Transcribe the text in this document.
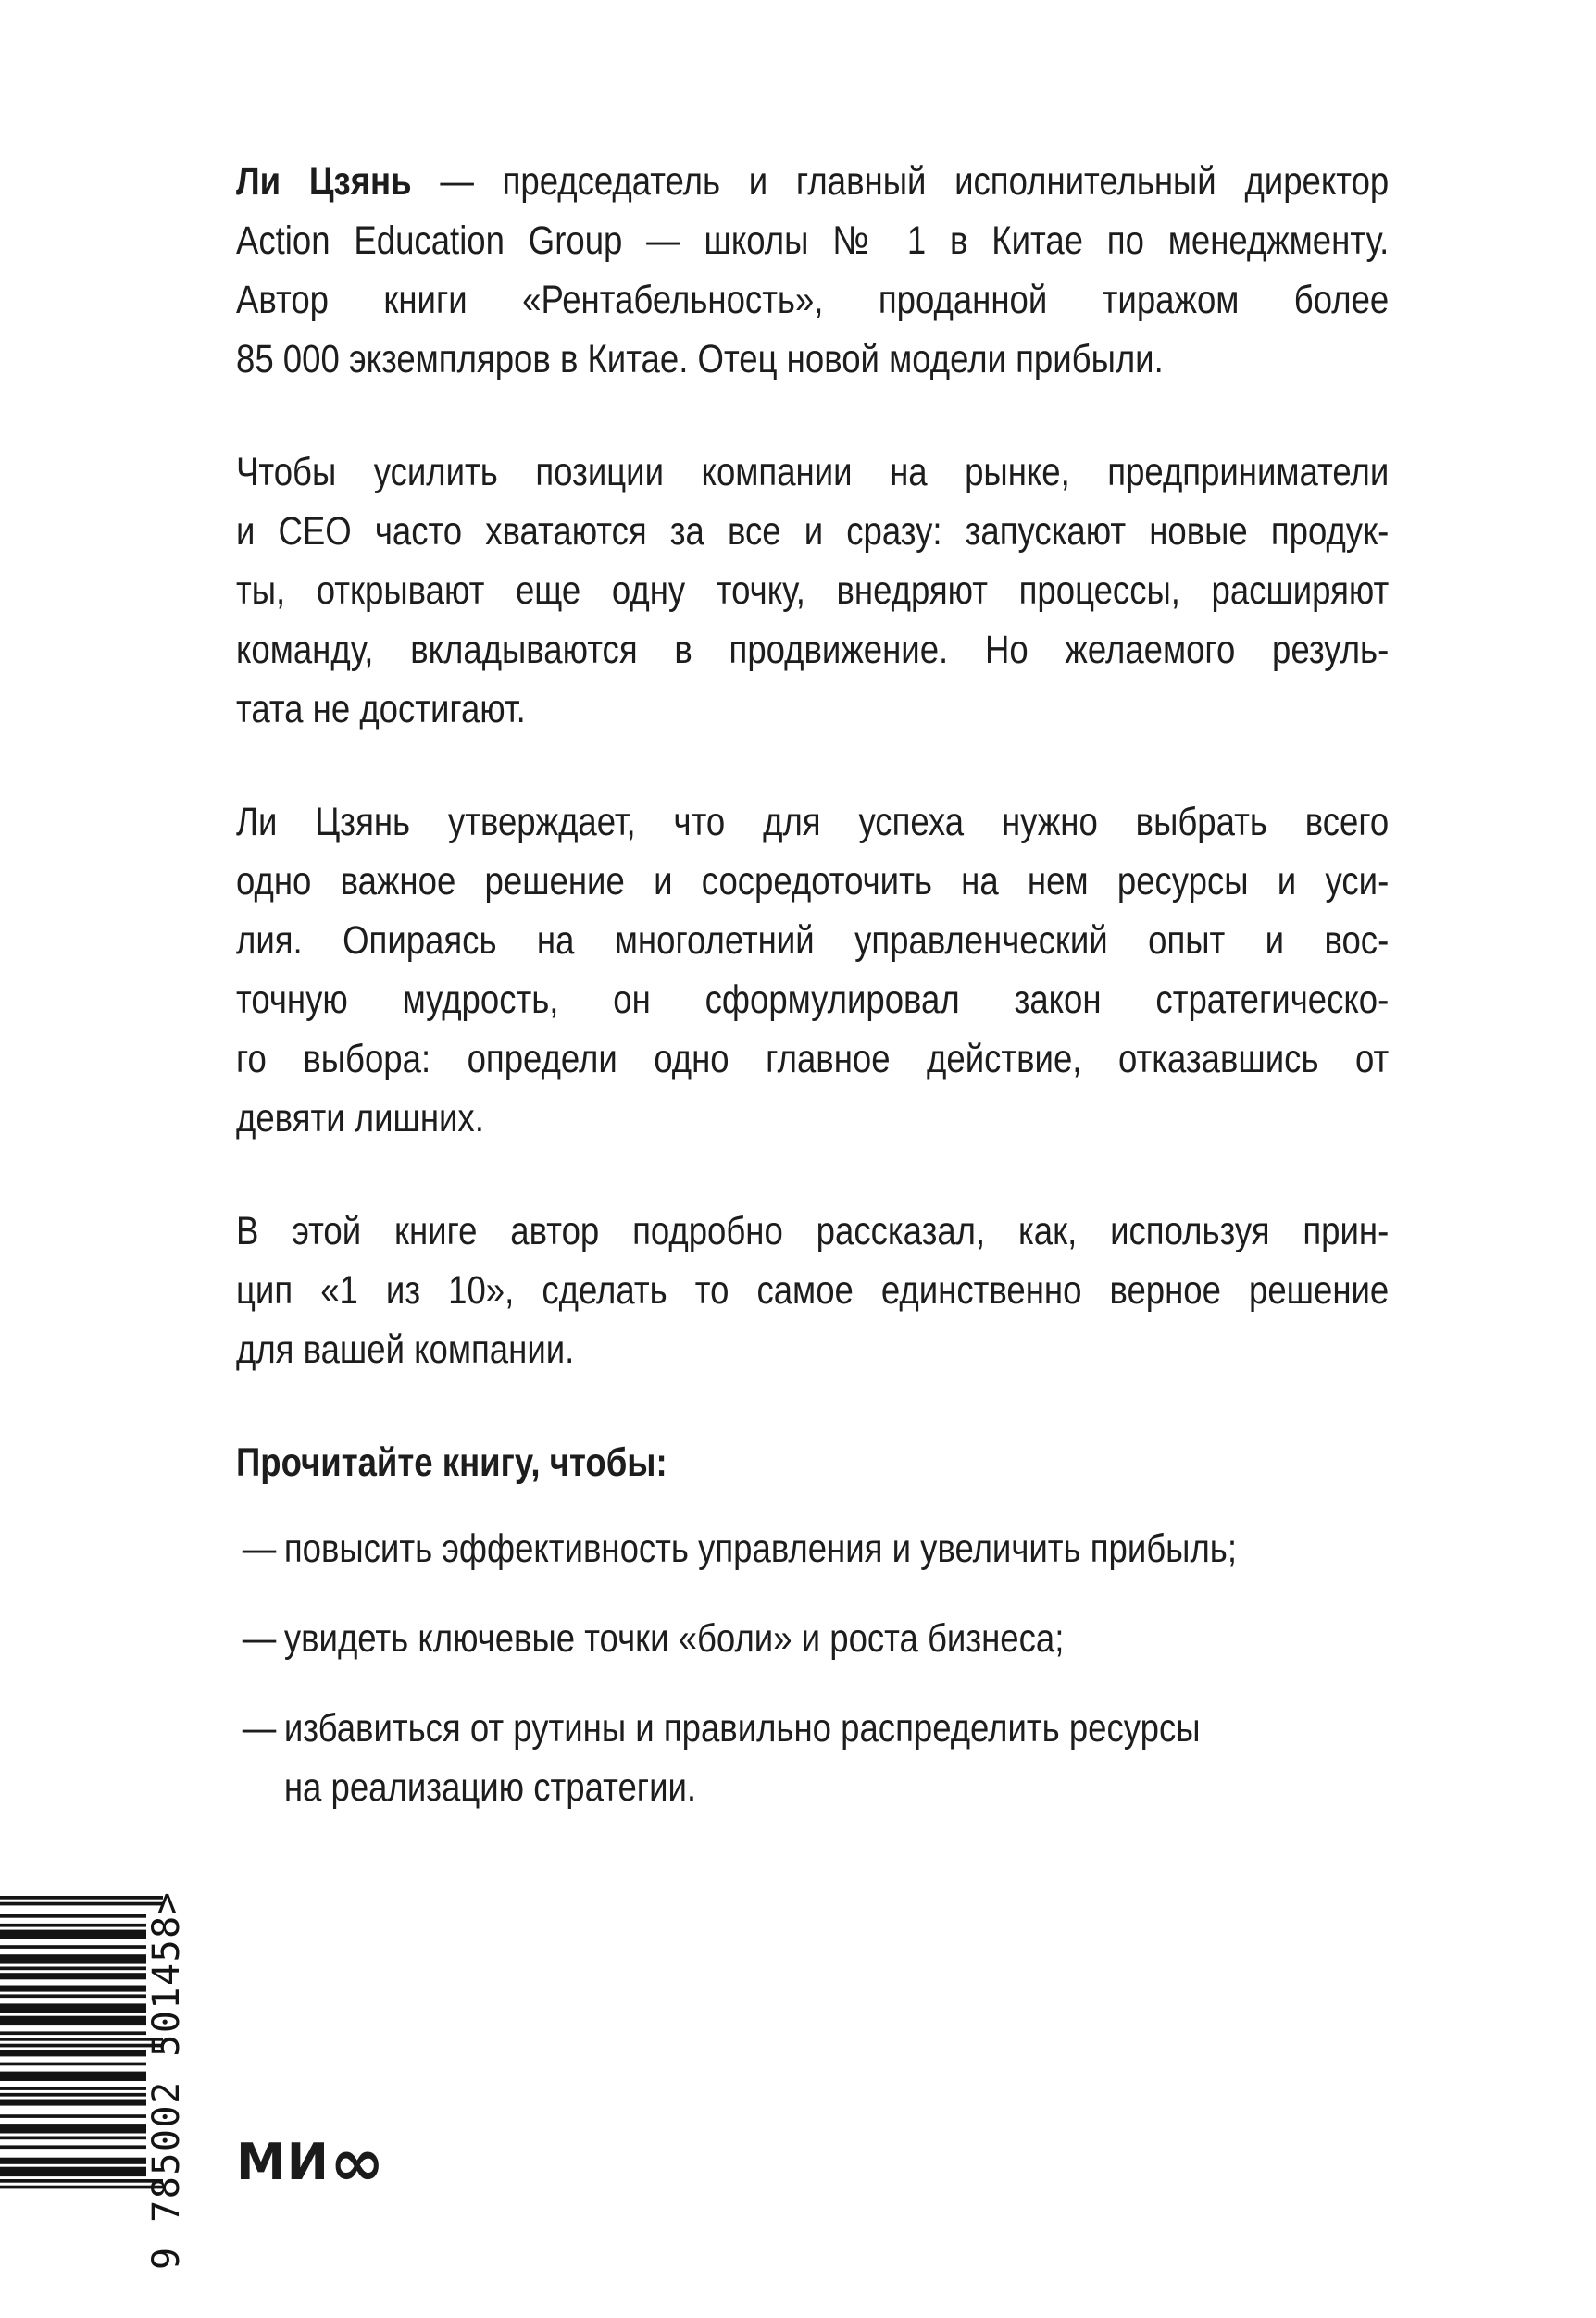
Ли Цзянь — председатель и главный исполнительный директор
Action Education Group — школы № 1 в Китае по менеджменту.
Автор книги «Рентабельность», проданной тиражом более
85 000 экземпляров в Китае. Отец новой модели прибыли.
Чтобы усилить позиции компании на рынке, предприниматели
и CEO часто хватаются за все и сразу: запускают новые продук-
ты, открывают еще одну точку, внедряют процессы, расширяют
команду, вкладываются в продвижение. Но желаемого резуль-
тата не достигают.
Ли Цзянь утверждает, что для успеха нужно выбрать всего
одно важное решение и сосредоточить на нем ресурсы и уси-
лия. Опираясь на многолетний управленческий опыт и вос-
точную мудрость, он сформулировал закон стратегическо-
го выбора: определи одно главное действие, отказавшись от
девяти лишних.
В этой книге автор подробно рассказал, как, используя прин-
цип «1 из 10», сделать то самое единственно верное решение
для вашей компании.
Прочитайте книгу, чтобы:
— повысить эффективность управления и увеличить прибыль;
— увидеть ключевые точки «боли» и роста бизнеса;
— избавиться от рутины и правильно распределить ресурсы
на реализацию стратегии.
9 785002 501458> МИ∞
